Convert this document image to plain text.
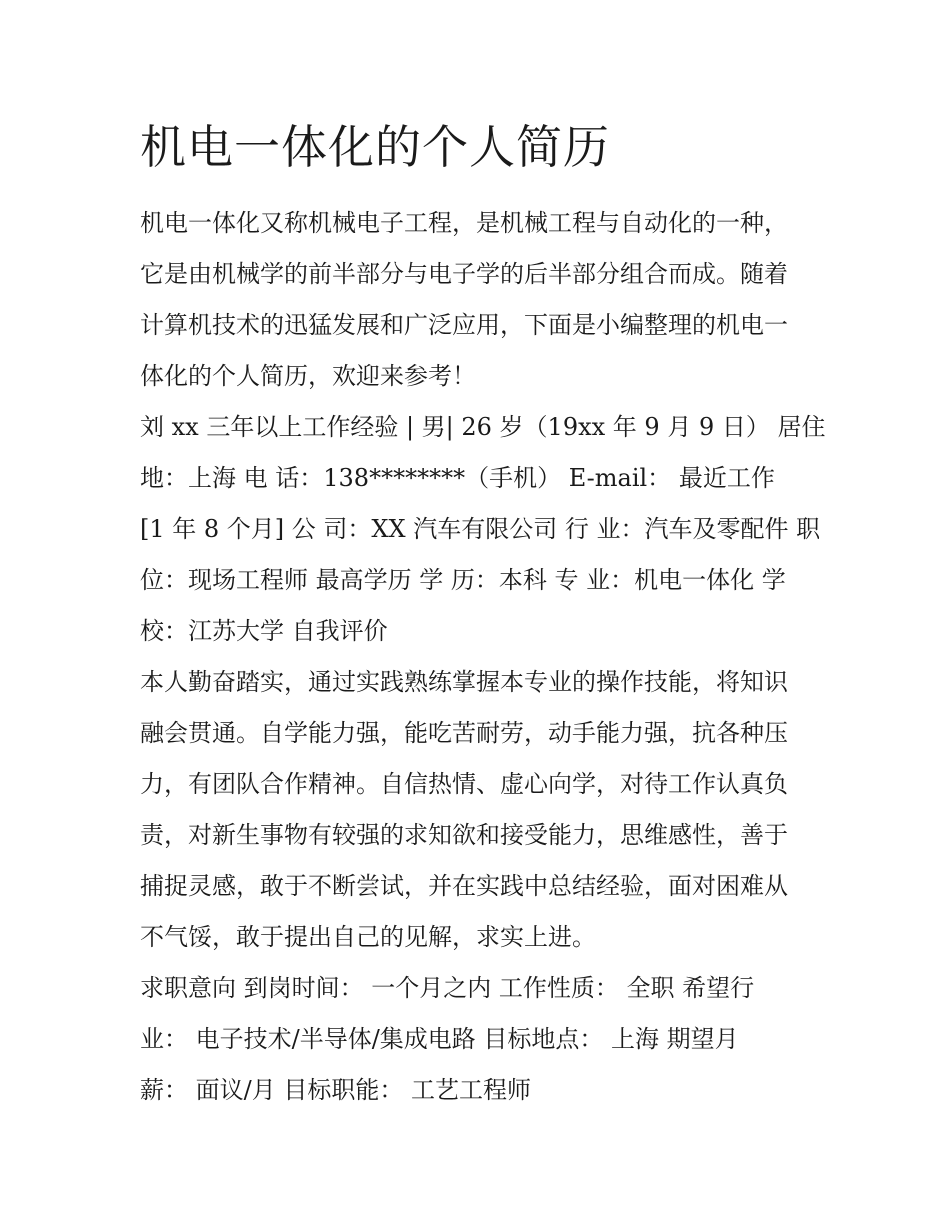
机电一体化的个人简历

机电一体化又称机械电子工程，是机械工程与自动化的一种，
它是由机械学的前半部分与电子学的后半部分组合而成。随着
计算机技术的迅猛发展和广泛应用，下面是小编整理的机电一
体化的个人简历，欢迎来参考！

刘 xx 三年以上工作经验 | 男| 26 岁（19xx 年 9 月 9 日） 居住
地：上海 电 话：138********（手机） E-mail： 最近工作
[1 年 8 个月] 公 司：XX 汽车有限公司 行 业：汽车及零配件 职
位：现场工程师 最高学历 学 历：本科 专 业：机电一体化 学
校：江苏大学 自我评价

本人勤奋踏实，通过实践熟练掌握本专业的操作技能，将知识
融会贯通。自学能力强，能吃苦耐劳，动手能力强，抗各种压
力，有团队合作精神。自信热情、虚心向学，对待工作认真负
责，对新生事物有较强的求知欲和接受能力，思维感性，善于
捕捉灵感，敢于不断尝试，并在实践中总结经验，面对困难从
不气馁，敢于提出自己的见解，求实上进。

求职意向 到岗时间： 一个月之内 工作性质： 全职 希望行
业： 电子技术/半导体/集成电路 目标地点： 上海 期望月
薪： 面议/月 目标职能： 工艺工程师
